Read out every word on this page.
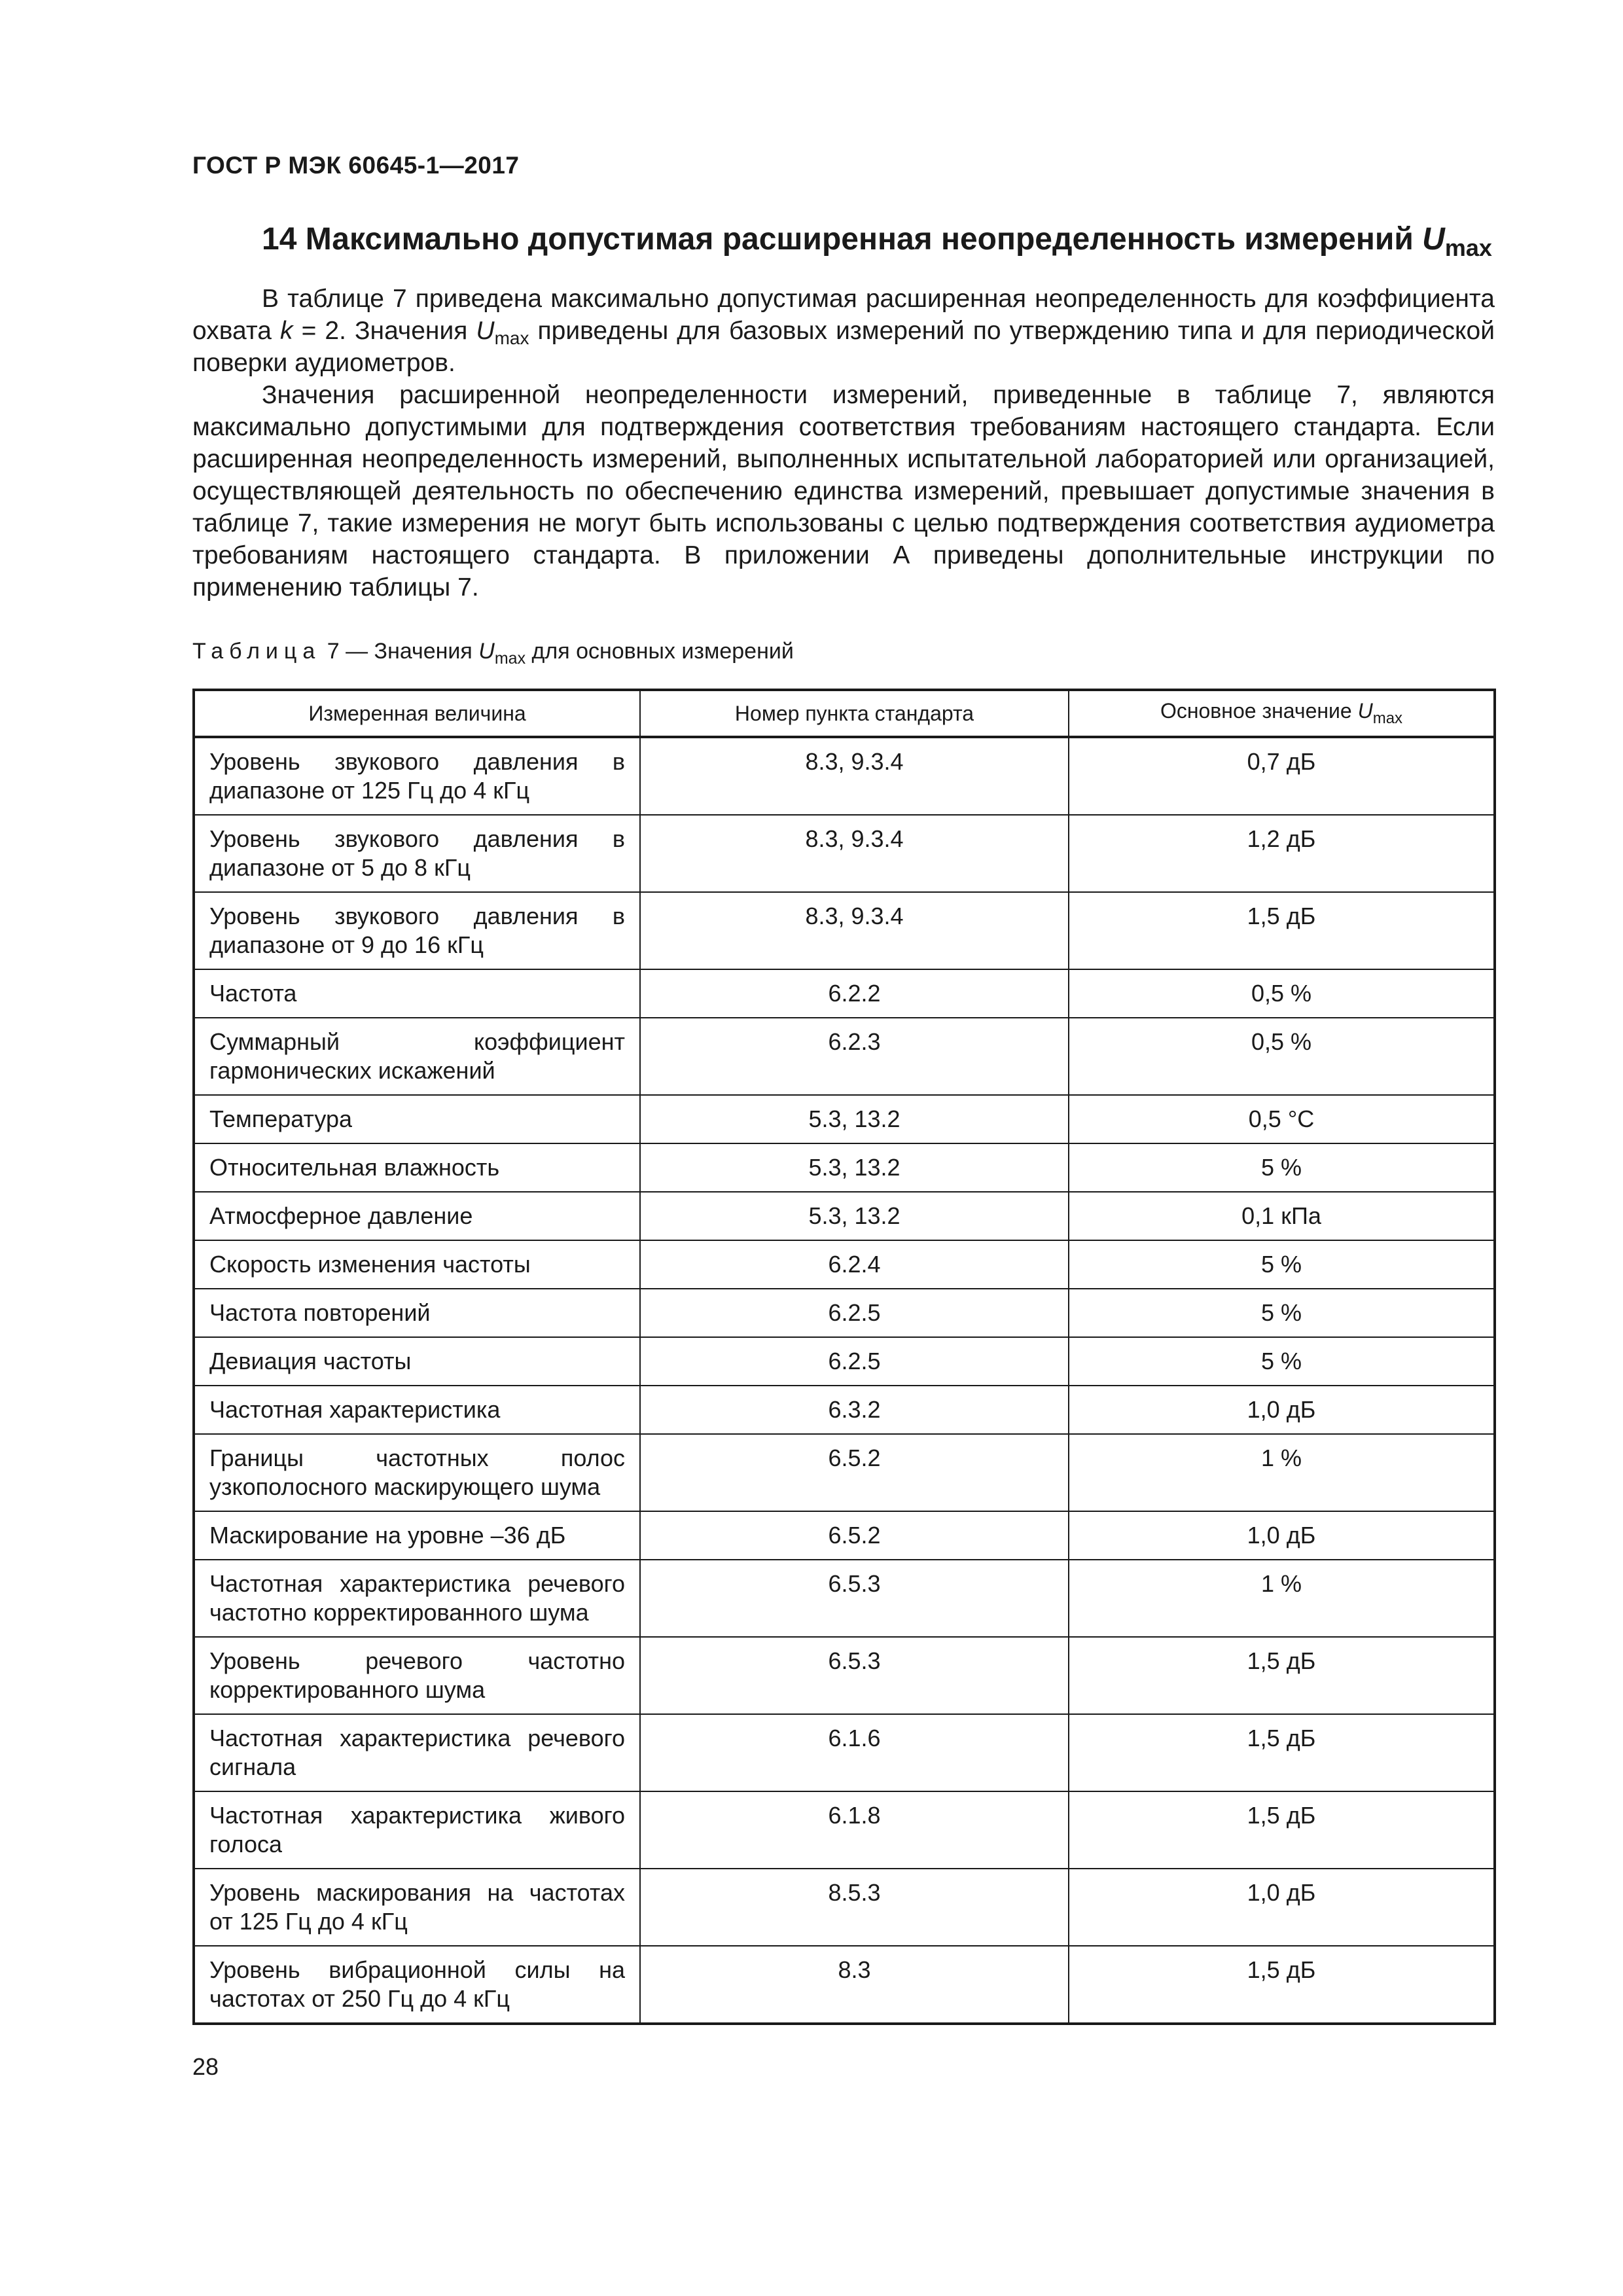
ГОСТ Р МЭК 60645-1—2017
14 Максимально допустимая расширенная неопределенность измерений $U_{max}$

В таблице 7 приведена максимально допустимая расширенная неопределенность для коэффициента охвата k = 2. Значения $U_{max}$ приведены для базовых измерений по утверждению типа и для периодической поверки аудиометров.

Значения расширенной неопределенности измерений, приведенные в таблице 7, являются максимально допустимыми для подтверждения соответствия требованиям настоящего стандарта. Если расширенная неопределенность измерений, выполненных испытательной лабораторией или организацией, осуществляющей деятельность по обеспечению единства измерений, превышает допустимые значения в таблице 7, такие измерения не могут быть использованы с целью подтверждения соответствия аудиометра требованиям настоящего стандарта. В приложении А приведены дополнительные инструкции по применению таблицы 7.

Таблица 7 — Значения $U_{max}$ для основных измерений
Измеренная величина	Номер пункта стандарта	Основное значение $U_{max}$
Уровень звукового давления в диапазоне от 125 Гц до 4 кГц	8.3, 9.3.4	0,7 дБ
Уровень звукового давления в диапазоне от 5 до 8 кГц	8.3, 9.3.4	1,2 дБ
Уровень звукового давления в диапазоне от 9 до 16 кГц	8.3, 9.3.4	1,5 дБ
Частота	6.2.2	0,5 %
Суммарный коэффициент гармонических искажений	6.2.3	0,5 %
Температура	5.3, 13.2	0,5 °С
Относительная влажность	5.3, 13.2	5 %
Атмосферное давление	5.3, 13.2	0,1 кПа
Скорость изменения частоты	6.2.4	5 %
Частота повторений	6.2.5	5 %
Девиация частоты	6.2.5	5 %
Частотная характеристика	6.3.2	1,0 дБ
Границы частотных полос узкополосного маскирующего шума	6.5.2	1 %
Маскирование на уровне –36 дБ	6.5.2	1,0 дБ
Частотная характеристика речевого частотно корректированного шума	6.5.3	1 %
Уровень речевого частотно корректированного шума	6.5.3	1,5 дБ
Частотная характеристика речевого сигнала	6.1.6	1,5 дБ
Частотная характеристика живого голоса	6.1.8	1,5 дБ
Уровень маскирования на частотах от 125 Гц до 4 кГц	8.5.3	1,0 дБ
Уровень вибрационной силы на частотах от 250 Гц до 4 кГц	8.3	1,5 дБ
28
